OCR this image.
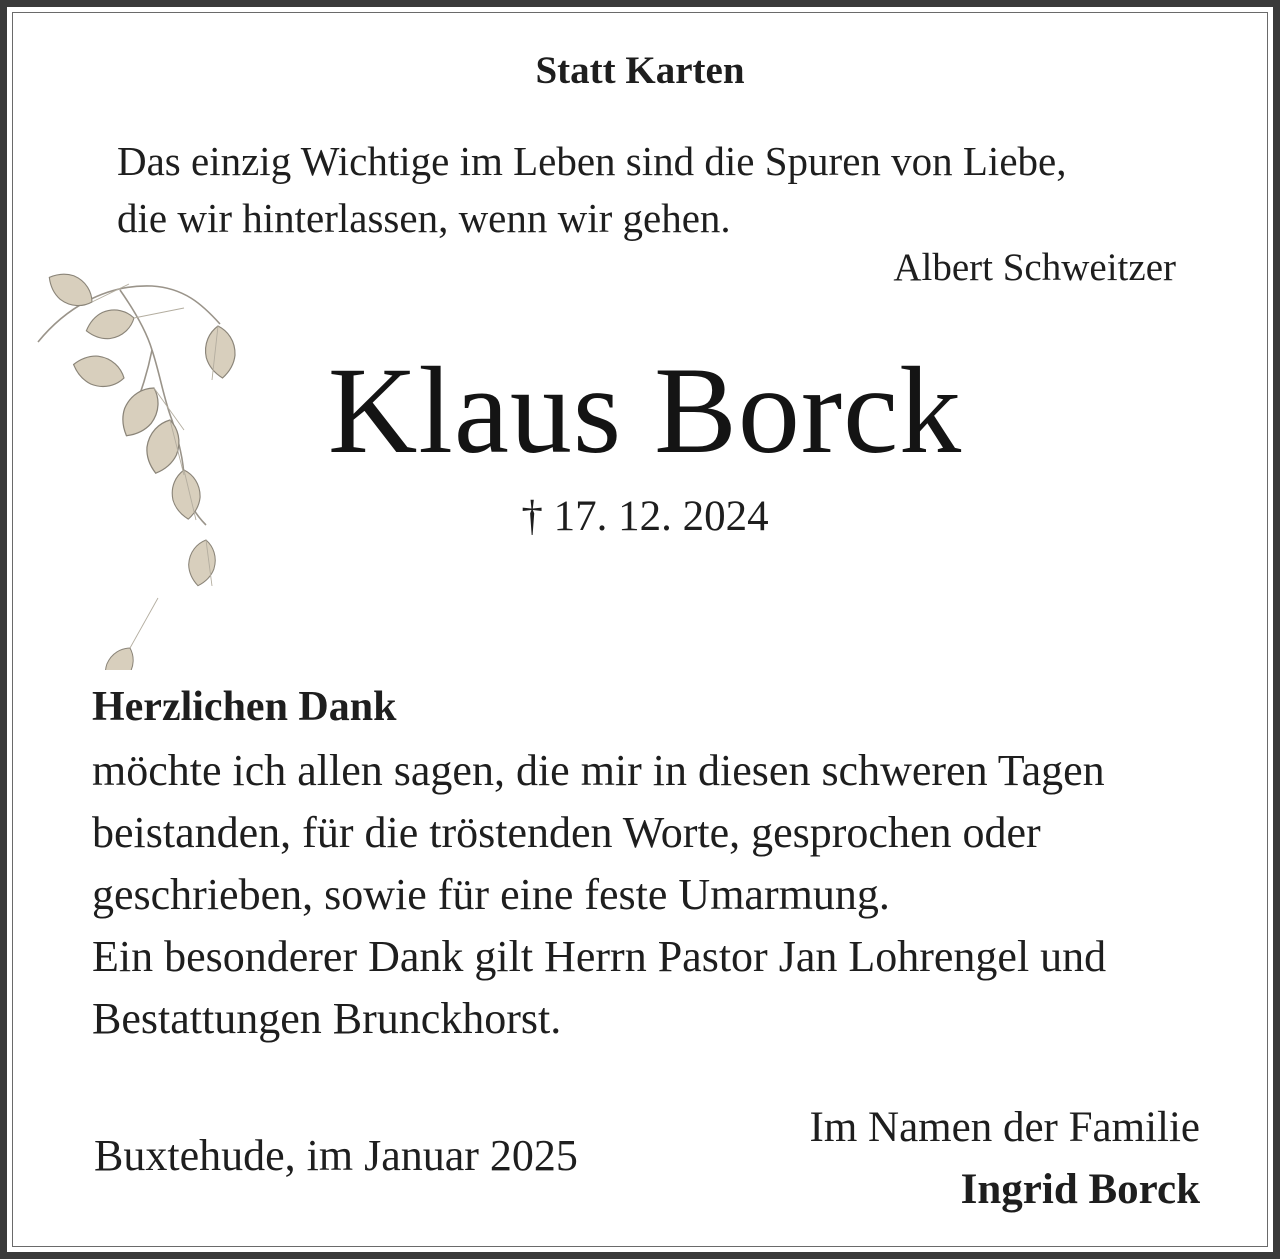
Statt Karten
Das einzig Wichtige im Leben sind die Spuren von Liebe,
die wir hinterlassen, wenn wir gehen.
Albert Schweitzer
Klaus Borck
† 17. 12. 2024
Herzlichen Dank
möchte ich allen sagen, die mir in diesen schweren Tagen
beistanden, für die tröstenden Worte, gesprochen oder
geschrieben, sowie für eine feste Umarmung.
Ein besonderer Dank gilt Herrn Pastor Jan Lohrengel und
Bestattungen Brunckhorst.
Buxtehude, im Januar 2025
Im Namen der Familie
Ingrid Borck
